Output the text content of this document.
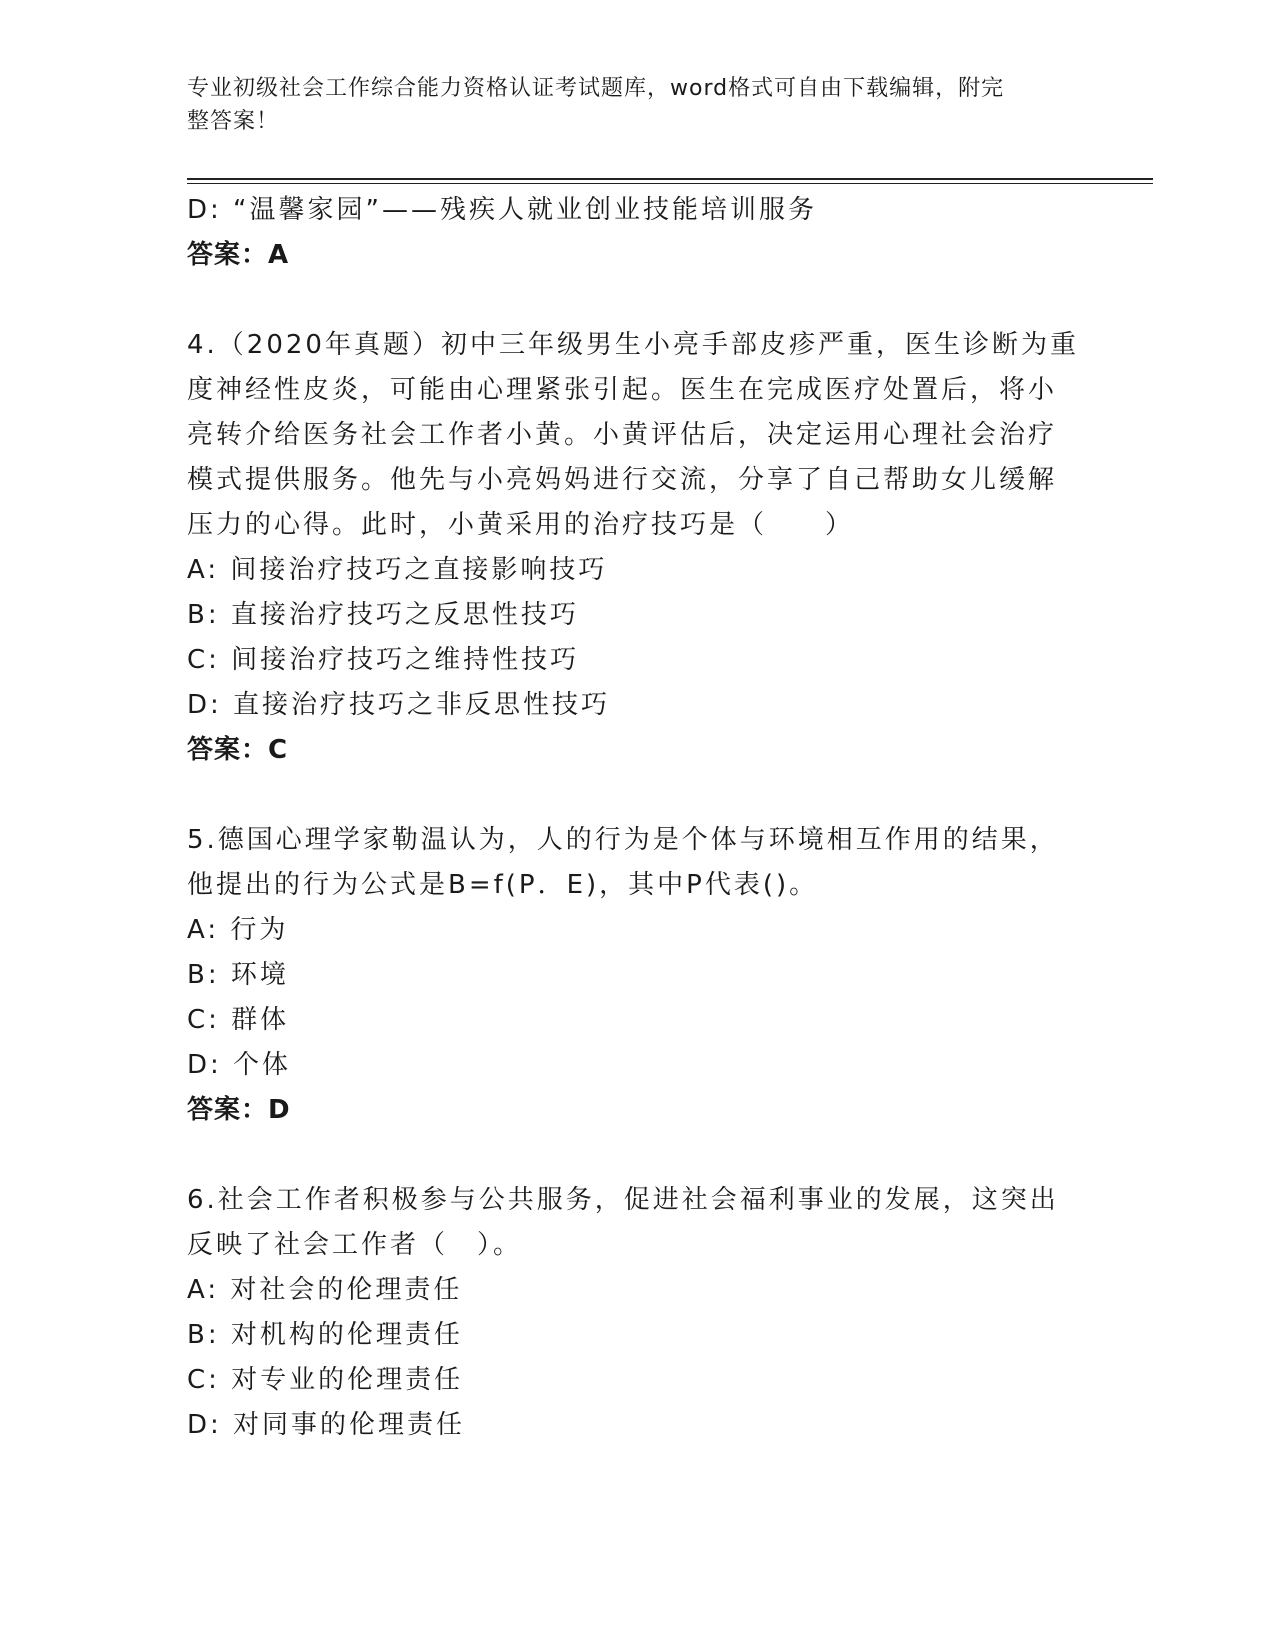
专业初级社会工作综合能力资格认证考试题库，word格式可自由下载编辑，附完
整答案！
D: “温馨家园”——残疾人就业创业技能培训服务
答案：A
4.（2020年真题）初中三年级男生小亮手部皮疹严重，医生诊断为重
度神经性皮炎，可能由心理紧张引起。医生在完成医疗处置后，将小
亮转介给医务社会工作者小黄。小黄评估后，决定运用心理社会治疗
模式提供服务。他先与小亮妈妈进行交流，分享了自己帮助女儿缓解
压力的心得。此时，小黄采用的治疗技巧是（　　）
A: 间接治疗技巧之直接影响技巧
B: 直接治疗技巧之反思性技巧
C: 间接治疗技巧之维持性技巧
D: 直接治疗技巧之非反思性技巧
答案：C
5.德国心理学家勒温认为，人的行为是个体与环境相互作用的结果，
他提出的行为公式是B=f(P．E)，其中P代表()。
A: 行为
B: 环境
C: 群体
D: 个体
答案：D
6.社会工作者积极参与公共服务，促进社会福利事业的发展，这突出
反映了社会工作者（　）。
A: 对社会的伦理责任
B: 对机构的伦理责任
C: 对专业的伦理责任
D: 对同事的伦理责任
